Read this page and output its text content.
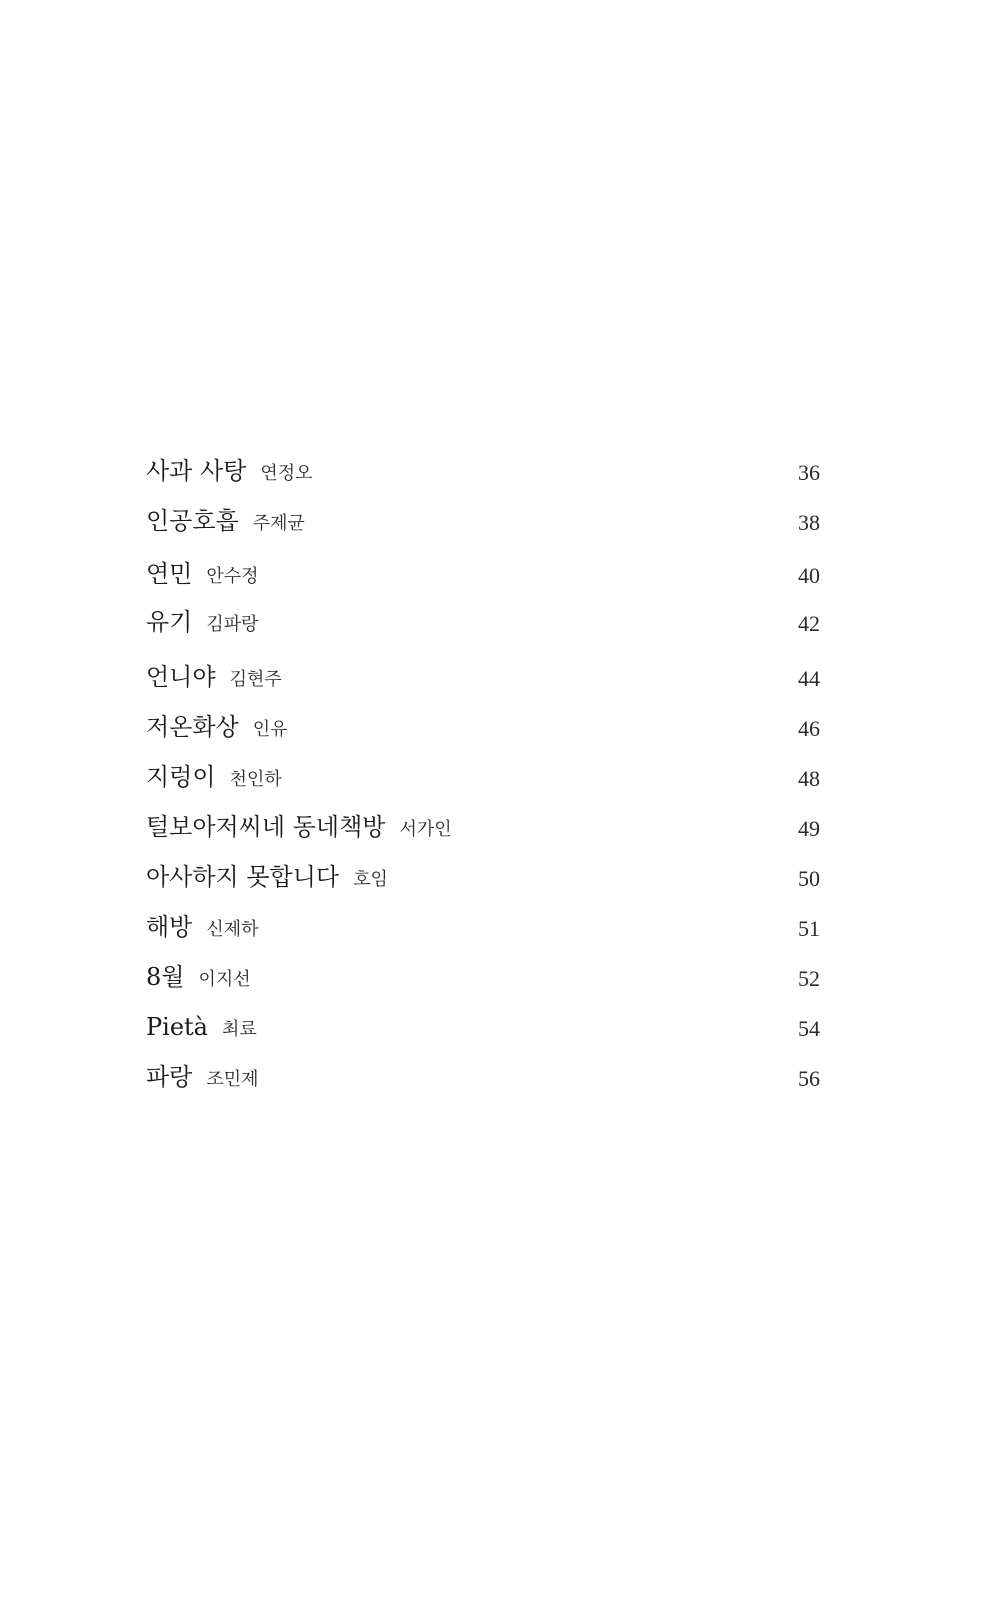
사과 사탕 연정오	36
인공호흡 주제균	38
연민 안수정	40
유기 김파랑	42
언니야 김현주	44
저온화상 인유	46
지렁이 천인하	48
털보아저씨네 동네책방 서가인	49
아사하지 못합니다 호임	50
해방 신제하	51
8월 이지선	52
Pietà 최료	54
파랑 조민제	56
